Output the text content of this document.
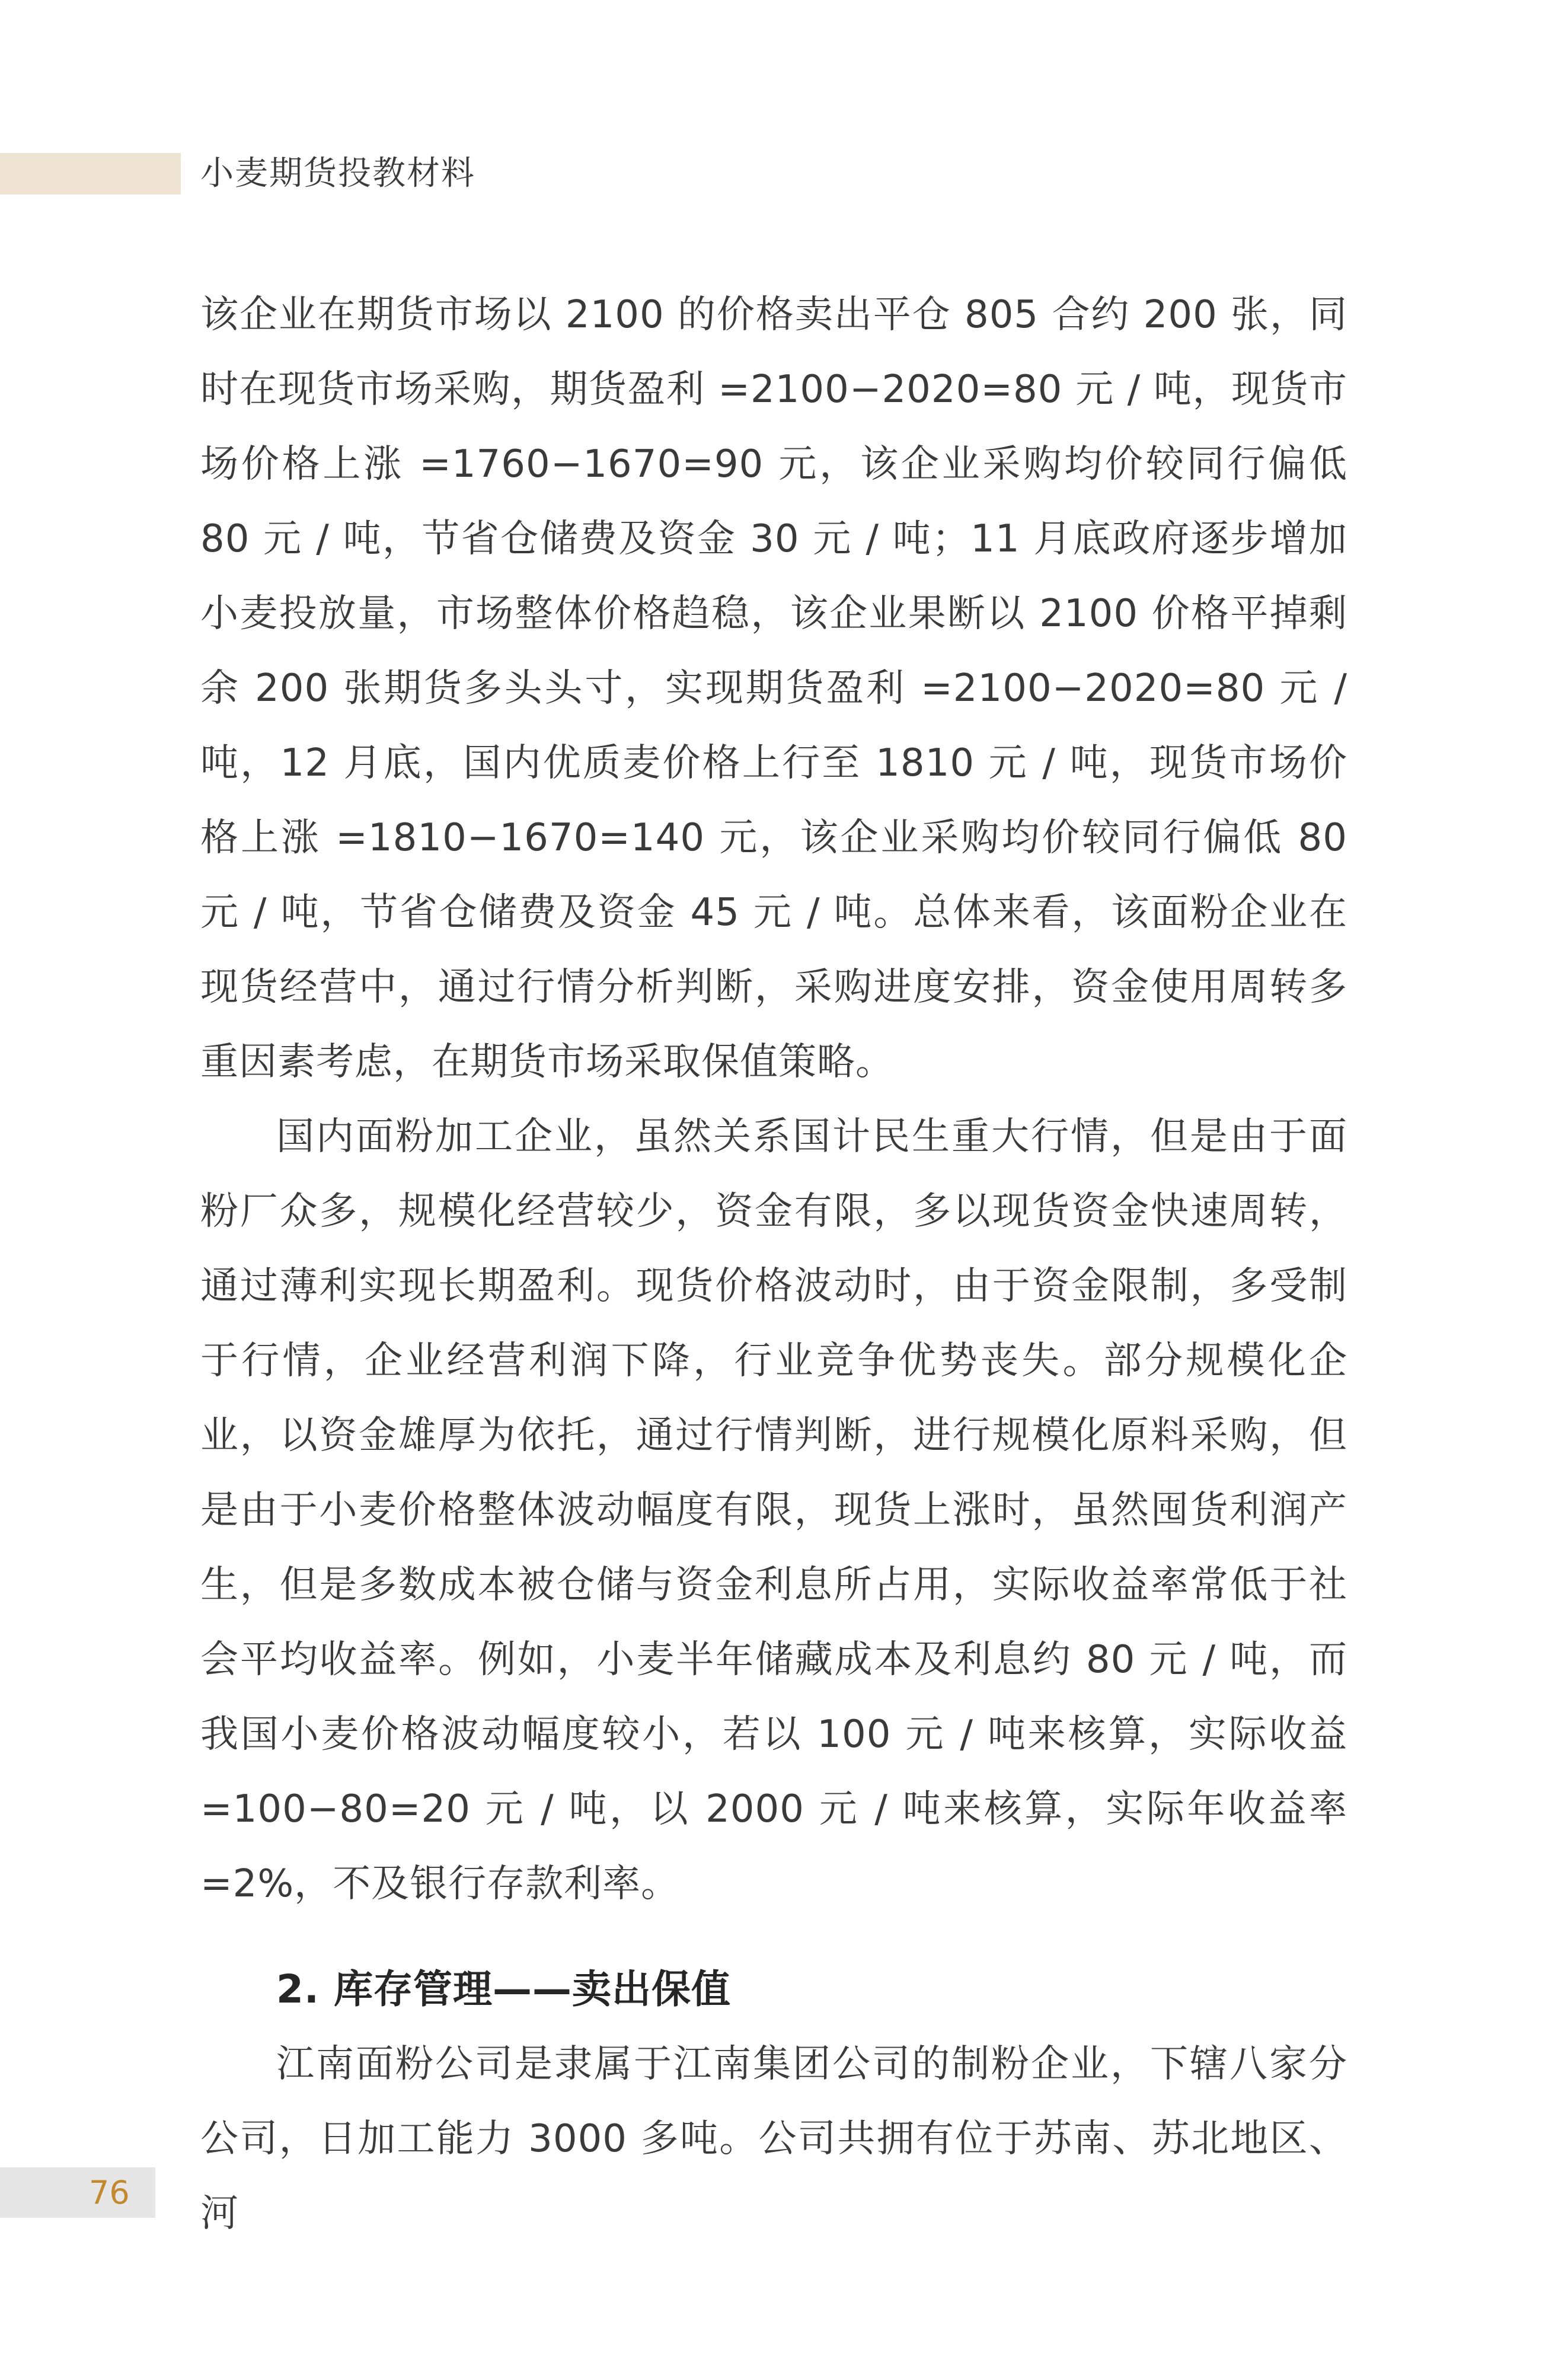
小麦期货投教材料

该企业在期货市场以 2100 的价格卖出平仓 805 合约 200 张，同时在现货市场采购，期货盈利 =2100−2020=80 元 / 吨，现货市场价格上涨 =1760−1670=90 元，该企业采购均价较同行偏低 80 元 / 吨，节省仓储费及资金 30 元 / 吨；11 月底政府逐步增加小麦投放量，市场整体价格趋稳，该企业果断以 2100 价格平掉剩余 200 张期货多头头寸，实现期货盈利 =2100−2020=80 元 / 吨，12 月底，国内优质麦价格上行至 1810 元 / 吨，现货市场价格上涨 =1810−1670=140 元，该企业采购均价较同行偏低 80 元 / 吨，节省仓储费及资金 45 元 / 吨。总体来看，该面粉企业在现货经营中，通过行情分析判断，采购进度安排，资金使用周转多重因素考虑，在期货市场采取保值策略。

国内面粉加工企业，虽然关系国计民生重大行情，但是由于面粉厂众多，规模化经营较少，资金有限，多以现货资金快速周转，通过薄利实现长期盈利。现货价格波动时，由于资金限制，多受制于行情，企业经营利润下降，行业竞争优势丧失。部分规模化企业，以资金雄厚为依托，通过行情判断，进行规模化原料采购，但是由于小麦价格整体波动幅度有限，现货上涨时，虽然囤货利润产生，但是多数成本被仓储与资金利息所占用，实际收益率常低于社会平均收益率。例如，小麦半年储藏成本及利息约 80 元 / 吨，而我国小麦价格波动幅度较小，若以 100 元 / 吨来核算，实际收益 =100−80=20 元 / 吨，以 2000 元 / 吨来核算，实际年收益率 =2%，不及银行存款利率。

2. 库存管理——卖出保值

江南面粉公司是隶属于江南集团公司的制粉企业，下辖八家分公司，日加工能力 3000 多吨。公司共拥有位于苏南、苏北地区、河

76
